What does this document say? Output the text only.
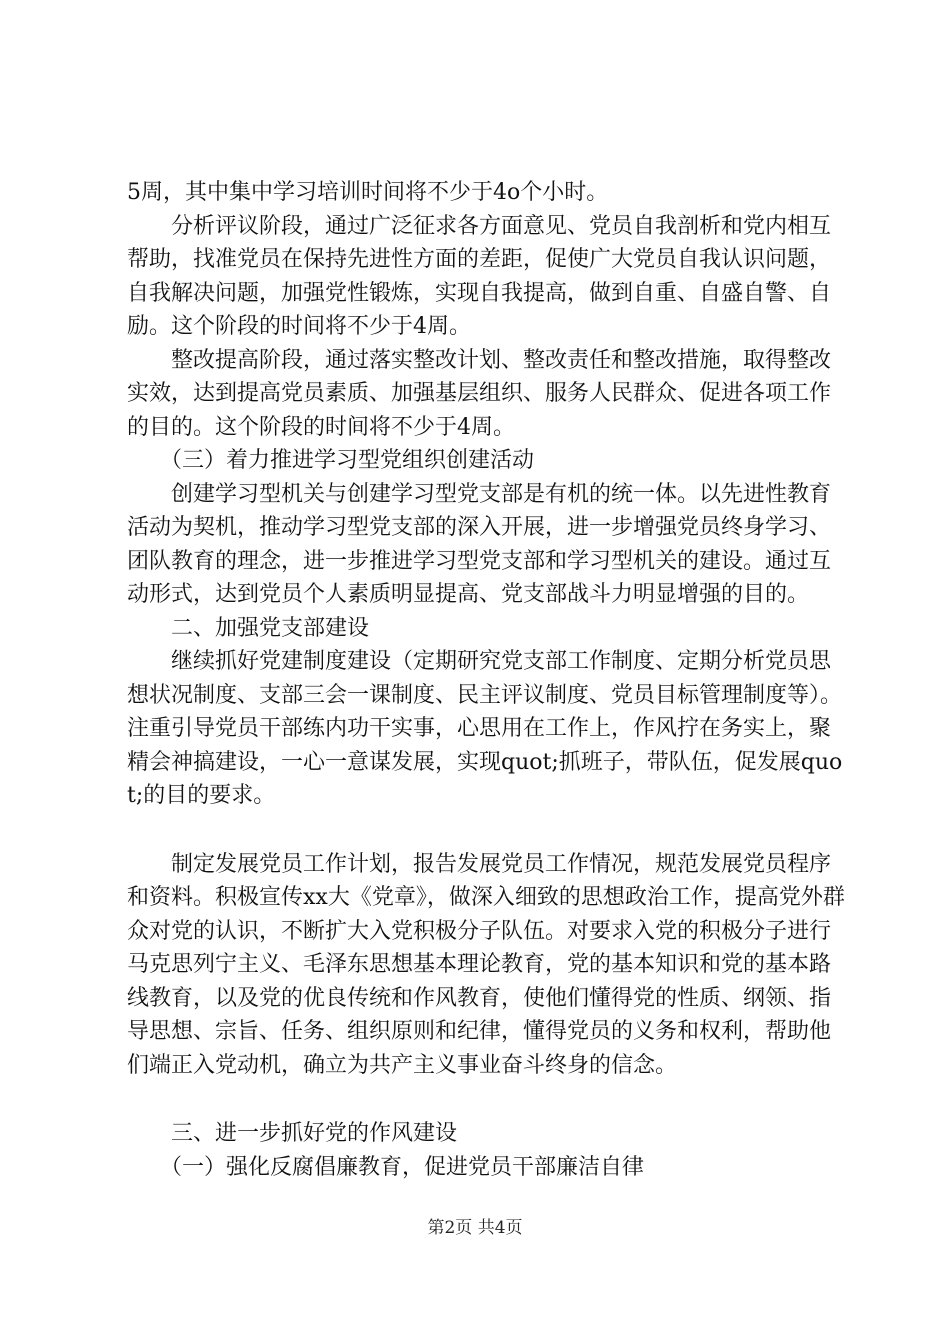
5周，其中集中学习培训时间将不少于4o个小时。

　　分析评议阶段，通过广泛征求各方面意见、党员自我剖析和党内相互帮助，找准党员在保持先进性方面的差距，促使广大党员自我认识问题，自我解决问题，加强党性锻炼，实现自我提高，做到自重、自盛自警、自励。这个阶段的时间将不少于4周。

　　整改提高阶段，通过落实整改计划、整改责任和整改措施，取得整改实效，达到提高党员素质、加强基层组织、服务人民群众、促进各项工作的目的。这个阶段的时间将不少于4周。

　　（三）着力推进学习型党组织创建活动

　　创建学习型机关与创建学习型党支部是有机的统一体。以先进性教育活动为契机，推动学习型党支部的深入开展，进一步增强党员终身学习、团队教育的理念，进一步推进学习型党支部和学习型机关的建设。通过互动形式，达到党员个人素质明显提高、党支部战斗力明显增强的目的。

　　二、加强党支部建设

　　继续抓好党建制度建设（定期研究党支部工作制度、定期分析党员思想状况制度、支部三会一课制度、民主评议制度、党员目标管理制度等）。注重引导党员干部练内功干实事，心思用在工作上，作风拧在务实上，聚精会神搞建设，一心一意谋发展，实现quot;抓班子，带队伍，促发展quot;的目的要求。

　　制定发展党员工作计划，报告发展党员工作情况，规范发展党员程序和资料。积极宣传xx大《党章》，做深入细致的思想政治工作，提高党外群众对党的认识，不断扩大入党积极分子队伍。对要求入党的积极分子进行马克思列宁主义、毛泽东思想基本理论教育，党的基本知识和党的基本路线教育，以及党的优良传统和作风教育，使他们懂得党的性质、纲领、指导思想、宗旨、任务、组织原则和纪律，懂得党员的义务和权利，帮助他们端正入党动机，确立为共产主义事业奋斗终身的信念。

　　三、进一步抓好党的作风建设

　　（一）强化反腐倡廉教育，促进党员干部廉洁自律

第2页 共4页
